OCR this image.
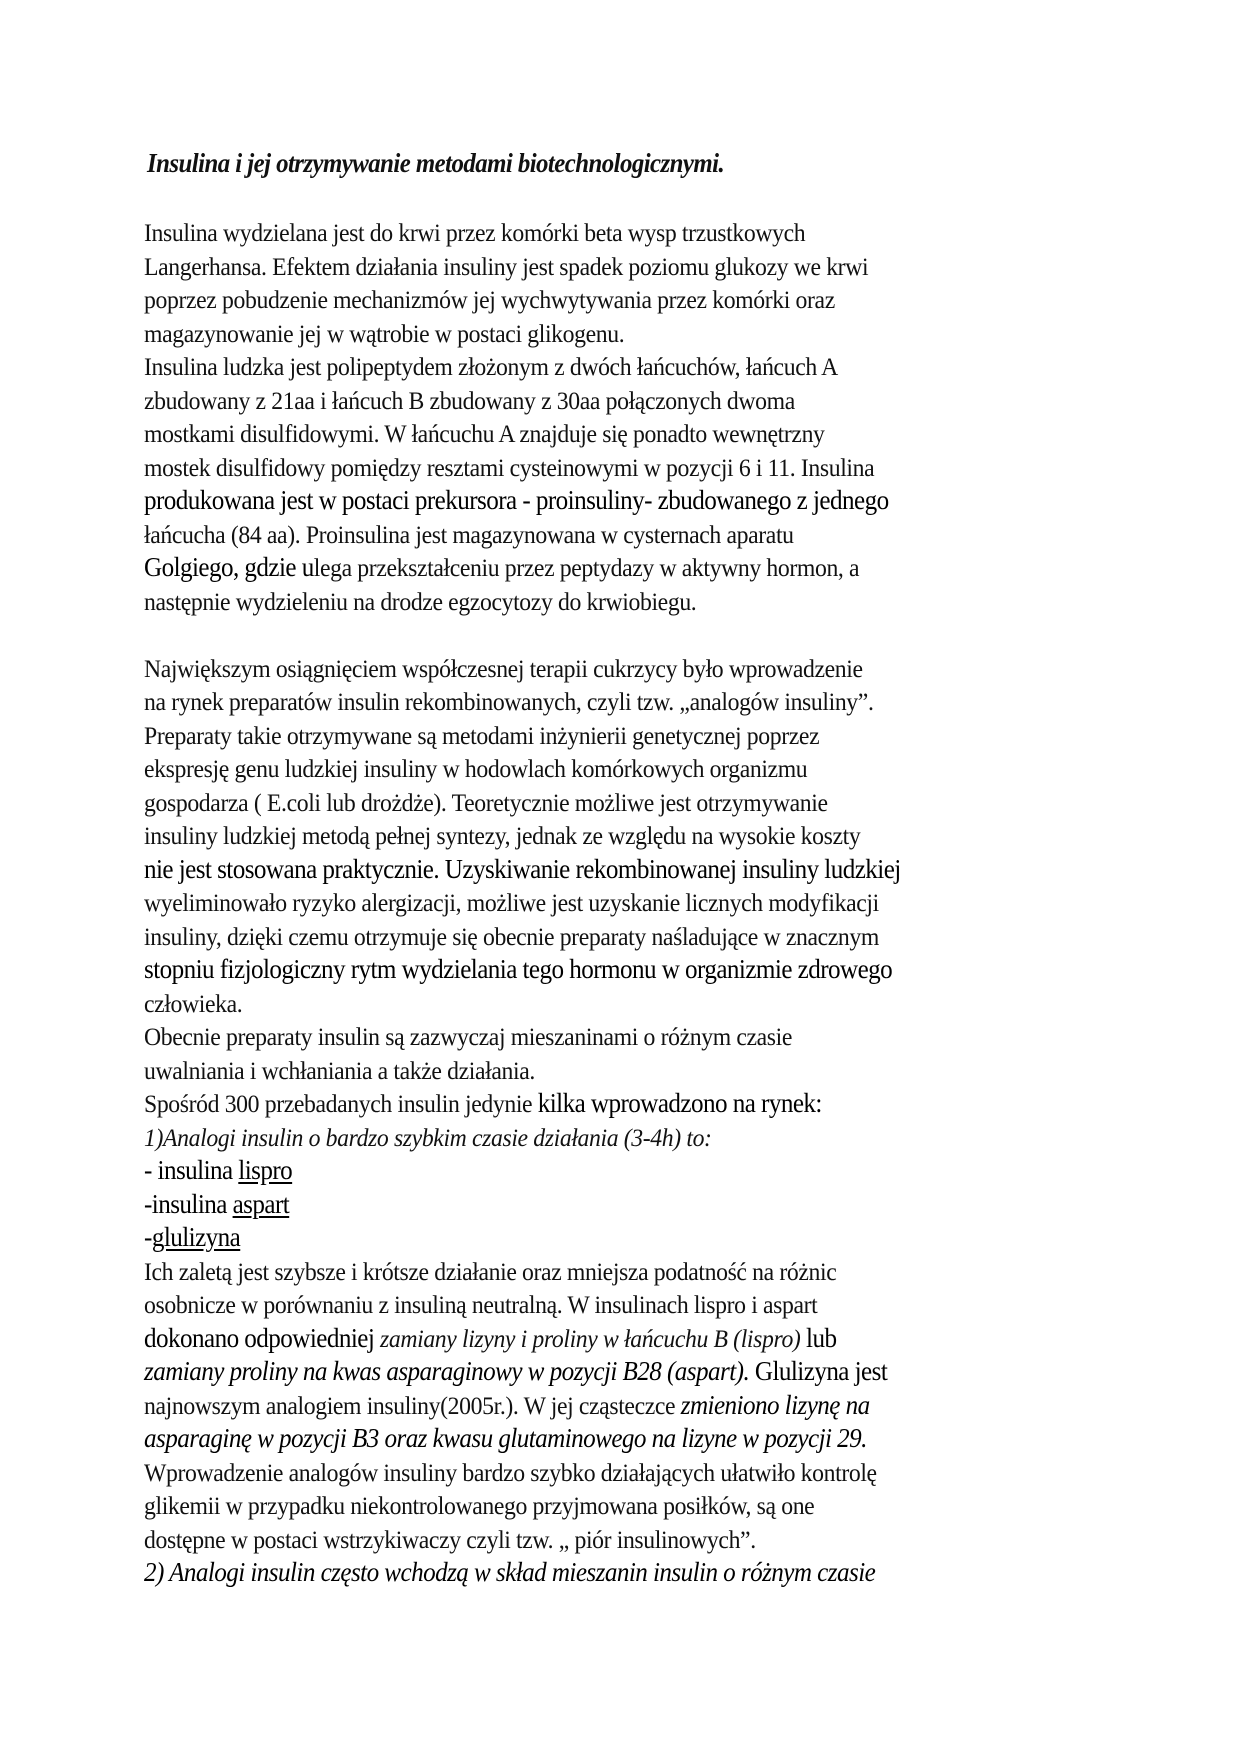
Insulina i jej otrzymywanie metodami biotechnologicznymi.
Insulina wydzielana jest do krwi przez komórki beta wysp trzustkowych
Langerhansa. Efektem działania insuliny jest spadek poziomu glukozy we krwi
poprzez pobudzenie mechanizmów jej wychwytywania przez komórki oraz
magazynowanie jej w wątrobie w postaci glikogenu.
Insulina ludzka jest polipeptydem złożonym z dwóch łańcuchów, łańcuch A
zbudowany z 21aa i łańcuch B zbudowany z 30aa połączonych dwoma
mostkami disulfidowymi. W łańcuchu A znajduje się ponadto wewnętrzny
mostek disulfidowy pomiędzy resztami cysteinowymi w pozycji 6 i 11. Insulina
produkowana jest w postaci prekursora - proinsuliny- zbudowanego z jednego
łańcucha (84 aa). Proinsulina jest magazynowana w cysternach aparatu
Golgiego, gdzie ulega przekształceniu przez peptydazy w aktywny hormon, a
następnie wydzieleniu na drodze egzocytozy do krwiobiegu.
Największym osiągnięciem współczesnej terapii cukrzycy było wprowadzenie
na rynek preparatów insulin rekombinowanych, czyli tzw. „analogów insuliny”.
Preparaty takie otrzymywane są metodami inżynierii genetycznej poprzez
ekspresję genu ludzkiej insuliny w hodowlach komórkowych organizmu
gospodarza ( E.coli lub drożdże). Teoretycznie możliwe jest otrzymywanie
insuliny ludzkiej metodą pełnej syntezy, jednak ze względu na wysokie koszty
nie jest stosowana praktycznie. Uzyskiwanie rekombinowanej insuliny ludzkiej
wyeliminowało ryzyko alergizacji, możliwe jest uzyskanie licznych modyfikacji
insuliny, dzięki czemu otrzymuje się obecnie preparaty naśladujące w znacznym
stopniu fizjologiczny rytm wydzielania tego hormonu w organizmie zdrowego
człowieka.
Obecnie preparaty insulin są zazwyczaj mieszaninami o różnym czasie
uwalniania i wchłaniania a także działania.
Spośród 300 przebadanych insulin jedynie kilka wprowadzono na rynek:
1)Analogi insulin o bardzo szybkim czasie działania (3-4h) to:
- insulina lispro
-insulina aspart
-glulizyna
Ich zaletą jest szybsze i krótsze działanie oraz mniejsza podatność na różnic
osobnicze w porównaniu z insuliną neutralną. W insulinach lispro i aspart
dokonano odpowiedniej zamiany lizyny i proliny w łańcuchu B (lispro) lub
zamiany proliny na kwas asparaginowy w pozycji B28 (aspart). Glulizyna jest
najnowszym analogiem insuliny(2005r.). W jej cząsteczce zmieniono lizynę na
asparaginę w pozycji B3 oraz kwasu glutaminowego na lizyne w pozycji 29.
Wprowadzenie analogów insuliny bardzo szybko działających ułatwiło kontrolę
glikemii w przypadku niekontrolowanego przyjmowana posiłków, są one
dostępne w postaci wstrzykiwaczy czyli tzw. „ piór insulinowych”.
2) Analogi insulin często wchodzą w skład mieszanin insulin o różnym czasie
